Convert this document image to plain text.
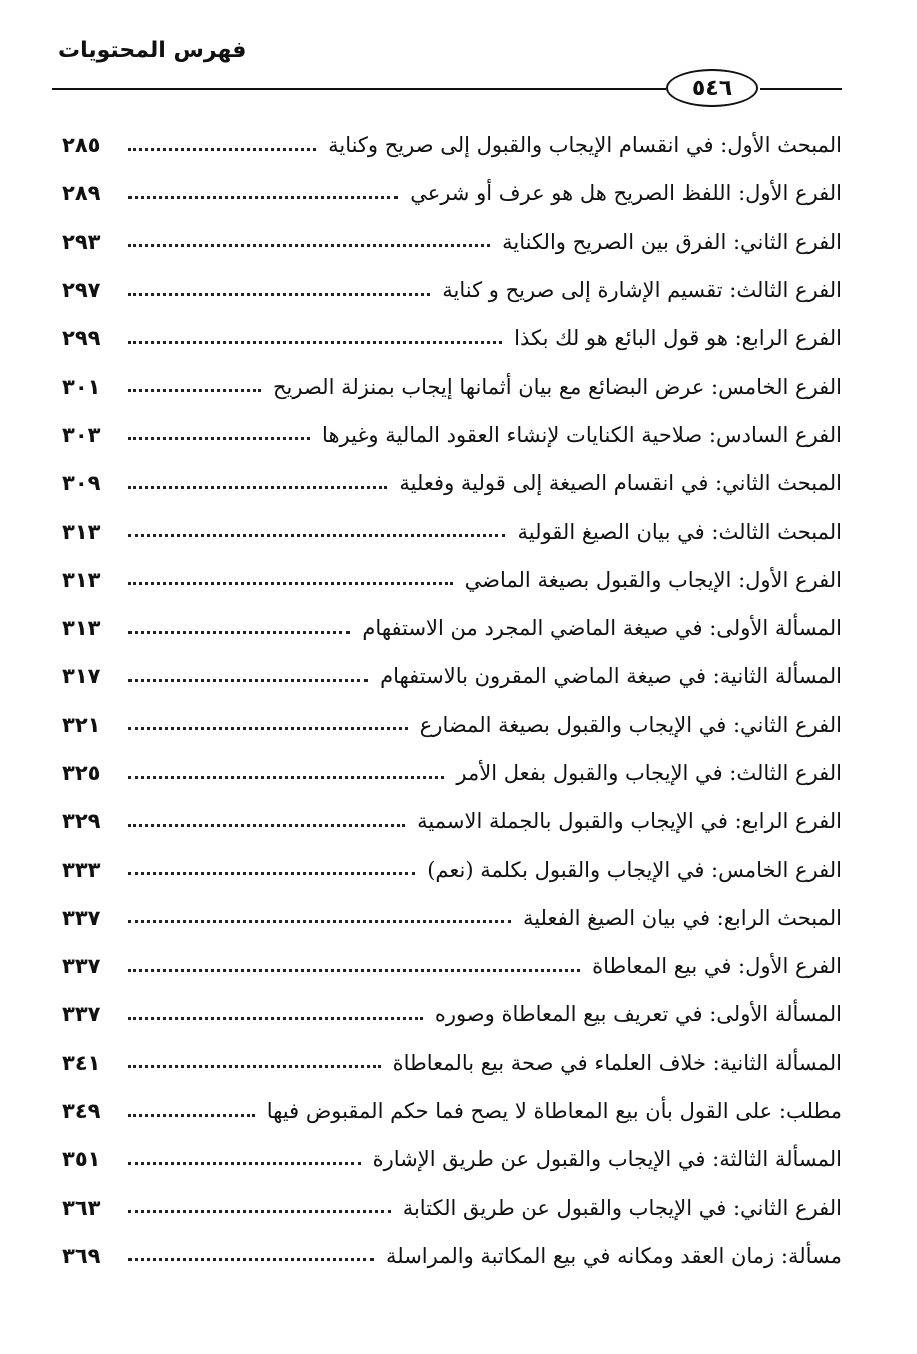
فهرس المحتويات
٥٤٦
المبحث الأول: في انقسام الإيجاب والقبول إلى صريح وكناية
٢٨٥
الفرع الأول: اللفظ الصريح هل هو عرف أو شرعي
٢٨٩
الفرع الثاني: الفرق بين الصريح والكناية
٢٩٣
الفرع الثالث: تقسيم الإشارة إلى صريح و كناية
٢٩٧
الفرع الرابع: هو قول البائع هو لك بكذا
٢٩٩
الفرع الخامس: عرض البضائع مع بيان أثمانها إيجاب بمنزلة الصريح
٣٠١
الفرع السادس: صلاحية الكنايات لإنشاء العقود المالية وغيرها
٣٠٣
المبحث الثاني: في انقسام الصيغة إلى قولية وفعلية
٣٠٩
المبحث الثالث: في بيان الصيغ القولية
٣١٣
الفرع الأول: الإيجاب والقبول بصيغة الماضي
٣١٣
المسألة الأولى: في صيغة الماضي المجرد من الاستفهام
٣١٣
المسألة الثانية: في صيغة الماضي المقرون بالاستفهام
٣١٧
الفرع الثاني: في الإيجاب والقبول بصيغة المضارع
٣٢١
الفرع الثالث: في الإيجاب والقبول بفعل الأمر
٣٢٥
الفرع الرابع: في الإيجاب والقبول بالجملة الاسمية
٣٢٩
الفرع الخامس: في الإيجاب والقبول بكلمة (نعم)
٣٣٣
المبحث الرابع: في بيان الصيغ الفعلية
٣٣٧
الفرع الأول: في بيع المعاطاة
٣٣٧
المسألة الأولى: في تعريف بيع المعاطاة وصوره
٣٣٧
المسألة الثانية: خلاف العلماء في صحة بيع بالمعاطاة
٣٤١
مطلب: على القول بأن بيع المعاطاة لا يصح فما حكم المقبوض فيها
٣٤٩
المسألة الثالثة: في الإيجاب والقبول عن طريق الإشارة
٣٥١
الفرع الثاني: في الإيجاب والقبول عن طريق الكتابة
٣٦٣
مسألة: زمان العقد ومكانه في بيع المكاتبة والمراسلة
٣٦٩
